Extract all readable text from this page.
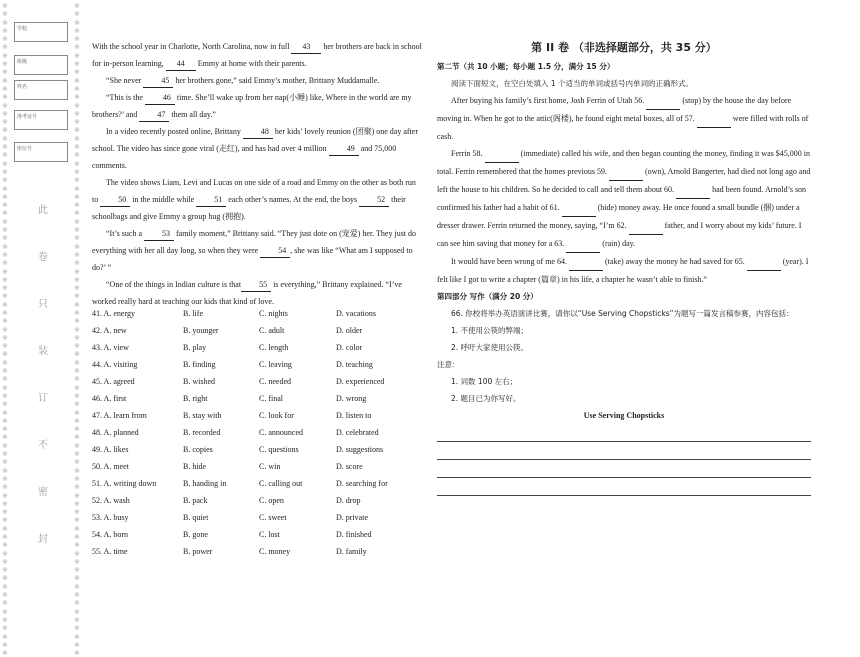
※※※※※※※※※※※※※※※※※※※※※※※※※※※※※※※※※※※※※※※※※※※※※※※※※※※※※※※※※※※※※※※※※※※※※※※※※※※※※※※
※※※※※※※※※※※※※※※※※※※※※※※※※※※※※※※※※※※※※※※※※※※※※※※※※※※※※※※※※※※※※※※※※※※※※※※※※※※※※※※
学校
班级
姓名
准考证号
座位号
此
卷
只
装
订
不
密
封

With the school year in Charlotte, North Carolina, now in full 43 her brothers are back in school for in-person learning, 44 Emmy at home with their parents.

“She never 45 her brothers gone,” said Emmy’s mother, Brittany Muddamalle.

“This is the 46 time. She’ll wake up from her nap(小睡) like, Where in the world are my brothers?’ and 47 them all day.”

In a video recently posted online, Brittany 48 her kids’ lovely reunion (团聚) one day after school. The video has since gone viral (走红), and has had over 4 million 49 and 75,000 comments.

The video shows Liam, Levi and Lucas on one side of a road and Emmy on the other as both run to 50 in the middle while 51 each other’s names. At the end, the boys 52 their schoolbags and give Emmy a group hug (拥抱).

“It’s such a 53 family moment,” Brittany said. “They just dote on (宠爱) her. They just do everything with her all day long, so when they were 54 , she was like “What am I supposed to do?’ ”

“One of the things in Indian culture is that 55 is everything,” Brittany explained. “I’ve worked really hard at teaching our kids that kind of love.

41. A. energy	B. life	C. nights	D. vacations
42. A. new	B. younger	C. adult	D. older
43. A. view	B. play	C. length	D. color
44. A. visiting	B. finding	C. leaving	D. teaching
45. A. agreed	B. wished	C. needed	D. experienced
46. A. first	B. right	C. final	D. wrong
47. A. learn from	B. stay with	C. look for	D. listen to
48. A. planned	B. recorded	C. announced	D. celebrated
49. A. likes	B. copies	C. questions	D. suggestions
50. A. meet	B. hide	C. win	D. score
51. A. writing down	B. handing in	C. calling out	D. searching for
52. A. wash	B. pack	C. open	D. drop
53. A. busy	B. quiet	C. sweet	D. private
54. A. born	B. gone	C. lost	D. finished
55. A. time	B. power	C. money	D. family

第 II 卷 （非选择题部分，共 35 分）

第二节（共 10 小题；每小题 1.5 分，满分 15 分）

阅读下面短文，在空白处填入 1 个适当的单词或括号内单词的正确形式。

After buying his family’s first home, Josh Ferrin of Utah 56.	(stop) by the house the day before moving in. When he got to the attic(阁楼), he found eight metal boxes, all of 57.	were filled with rolls of cash.

Ferrin 58.	(immediate) called his wife, and then began counting the money, finding it was $45,000 in total. Ferrin remembered that the homes previous 59.	(own), Arnold Bangerter, had died not long ago and left the house to his children. So he decided to call and tell them about 60.	had been found. Arnold’s son confirmed his father had a habit of 61.	(hide) money away. He once found a small bundle (捆) under a dresser drawer. Ferrin returned the money, saying, “I’m 62.	father, and I worry about my kids’ future. I can see him saving that money for a 63.	(rain) day.

It would have been wrong of me 64.	(take) away the money he had saved for 65.	(year). I felt like I got to write a chapter (篇章) in his life, a chapter he wasn’t able to finish.”

第四部分 写作（满分 20 分）

66. 你校将举办英语演讲比赛，请你以“Use Serving Chopsticks”为题写一篇发言稿参赛，内容包括：

1. 不使用公筷的弊端；

2. 呼吁大家使用公筷。

注意：

1. 词数 100 左右；

2. 题目已为你写好。

Use Serving Chopsticks
